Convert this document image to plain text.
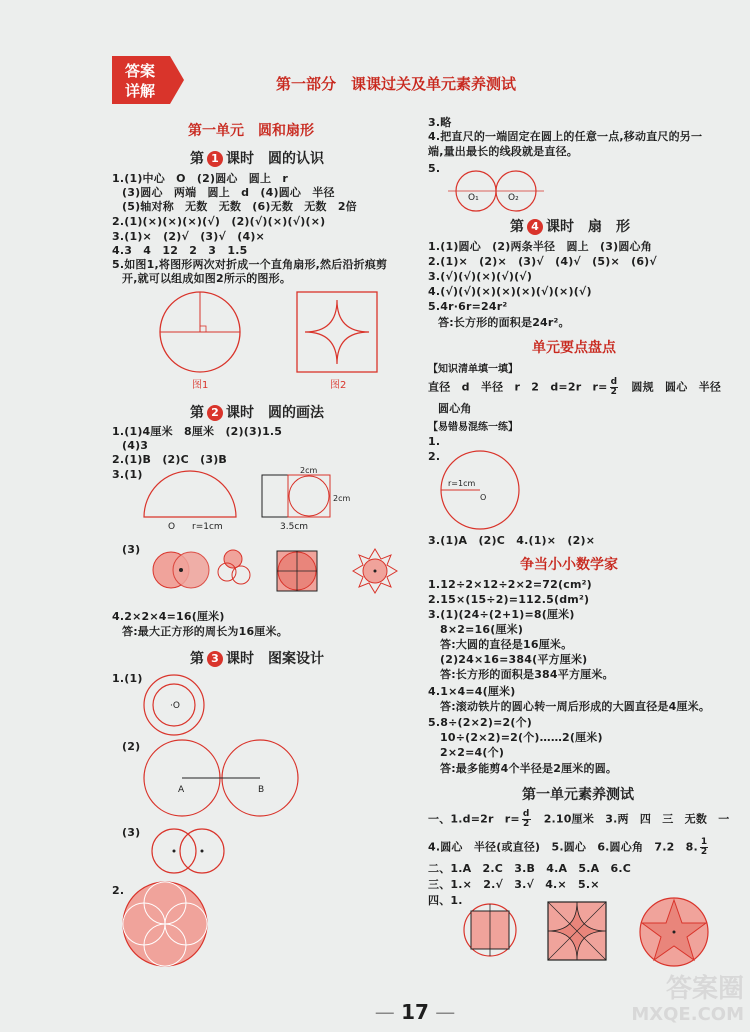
答案
详解	第一部分　课课过关及单元素养测试
第一单元　圆和扇形
第 1 课时　圆的认识
1.(1)中心　O　(2)圆心　圆上　r
(3)圆心　两端　圆上　d　(4)圆心　半径
(5)轴对称　无数　无数　(6)无数　无数　2倍
2.(1)(×)(×)(×)(√)　(2)(√)(×)(√)(×)
3.(1)×　(2)√　(3)√　(4)×
4.3　4　12　2　3　1.5
5.如图1,将图形两次对折成一个直角扇形,然后沿折痕剪
开,就可以组成如图2所示的图形。
图1	图2
第 2 课时　圆的画法
1.(1)4厘米　8厘米　(2)(3)1.5
(4)3
2.(1)B　(2)C　(3)B
3.(1)
O r=1cm	3.5cm
2cm
2cm
(3)
4.2×2×4=16(厘米)
答:最大正方形的周长为16厘米。
第 3 课时　图案设计
1.(1)
·O
(2)
A	B
(3)
2.
3.略
4.把直尺的一端固定在圆上的任意一点,移动直尺的另一
端,量出最长的线段就是直径。
5.
O₁	O₂
第 4 课时　扇　形
1.(1)圆心　(2)两条半径　圆上　(3)圆心角
2.(1)×　(2)×　(3)√　(4)√　(5)×　(6)√
3.(√)(√)(×)(√)(√)
4.(√)(√)(×)(×)(×)(√)(×)(√)
5.4r·6r=24r²
答:长方形的面积是24r²。
单元要点盘点
【知识清单填一填】
直径　d　半径　r　2　d=2r　$r= \frac{d}{2}$ 　圆规　圆心　半径
圆心角
【易错易混练一练】
1.
2.
r=1cm
O
3.(1)A　(2)C　4.(1)×　(2)×
争当小小数学家
1.12÷2×12÷2×2=72(cm²)
2.15×(15÷2)=112.5(dm²)
3.(1)(24÷(2+1)=8(厘米)
8×2=16(厘米)
答:大圆的直径是16厘米。
(2)24×16=384(平方厘米)
答:长方形的面积是384平方厘米。
4.1×4=4(厘米)
答:滚动铁片的圆心转一周后形成的大圆直径是4厘米。
5.8÷(2×2)=2(个)
10÷(2×2)=2(个)……2(厘米)
2×2=4(个)
答:最多能剪4个半径是2厘米的圆。
第一单元素养测试
一、1.d=2r　$r= \frac{d}{2}$ 　2.10厘米　3.两　四　三　无数　一
4.圆心　半径(或直径)　5.圆心　6.圆心角　7.2　8. $\frac{1}{2}$
二、1.A　2.C　3.B　4.A　5.A　6.C
三、1.×　2.√　3.√　4.×　5.×
四、1.
— 17 —
答案圈
MXQE.COM
